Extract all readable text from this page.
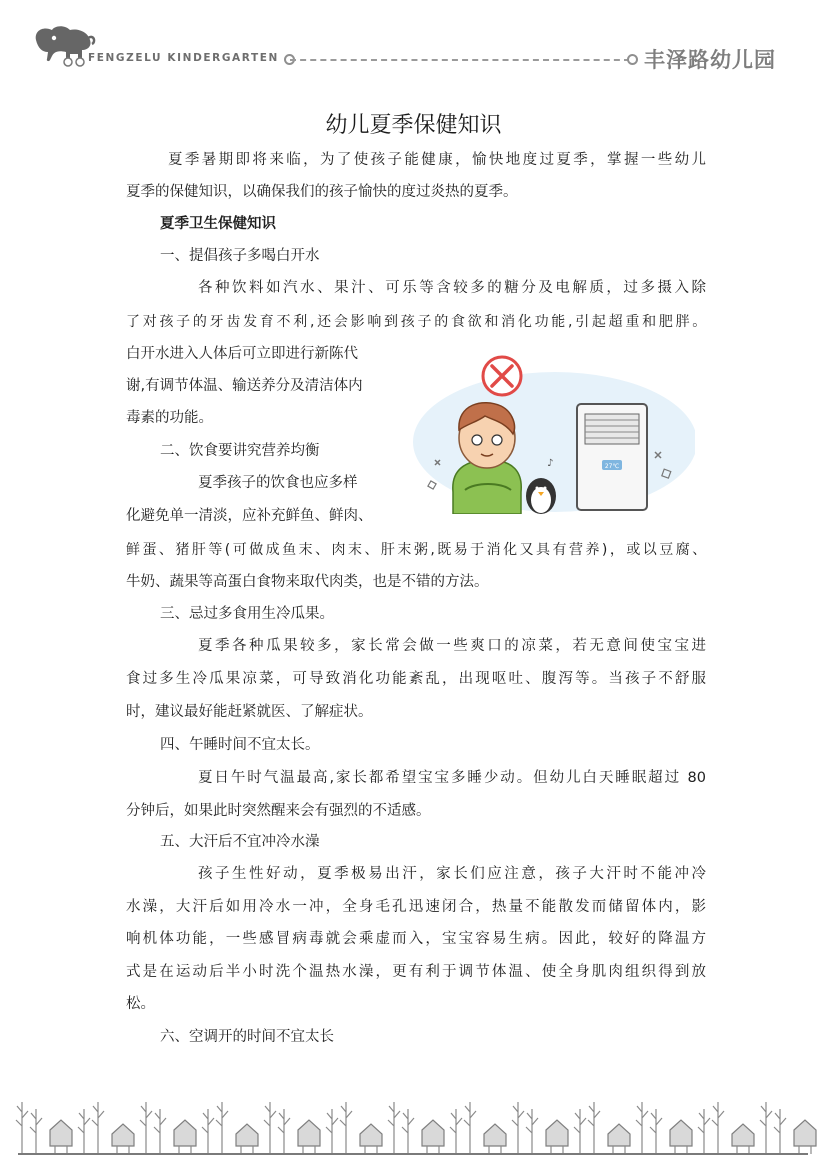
FENGZELU KINDERGARTEN	丰泽路幼儿园
幼儿夏季保健知识
夏季暑期即将来临，为了使孩子能健康，愉快地度过夏季，掌握一些幼儿
夏季的保健知识，以确保我们的孩子愉快的度过炎热的夏季。
夏季卫生保健知识
一、提倡孩子多喝白开水
各种饮料如汽水、果汁、可乐等含较多的糖分及电解质，过多摄入除
了对孩子的牙齿发育不利,还会影响到孩子的食欲和消化功能,引起超重和肥胖。
白开水进入人体后可立即进行新陈代
谢,有调节体温、输送养分及清洁体内
毒素的功能。
二、饮食要讲究营养均衡
夏季孩子的饮食也应多样
化避免单一清淡，应补充鲜鱼、鲜肉、
鲜蛋、猪肝等(可做成鱼末、肉末、肝末粥,既易于消化又具有营养)，或以豆腐、
牛奶、蔬果等高蛋白食物来取代肉类，也是不错的方法。
三、忌过多食用生冷瓜果。
夏季各种瓜果较多，家长常会做一些爽口的凉菜，若无意间使宝宝进
食过多生冷瓜果凉菜，可导致消化功能紊乱，出现呕吐、腹泻等。当孩子不舒服
时，建议最好能赶紧就医、了解症状。
四、午睡时间不宜太长。
夏日午时气温最高,家长都希望宝宝多睡少动。但幼儿白天睡眠超过 80
分钟后，如果此时突然醒来会有强烈的不适感。
五、大汗后不宜冲冷水澡
孩子生性好动，夏季极易出汗，家长们应注意，孩子大汗时不能冲冷
水澡，大汗后如用冷水一冲，全身毛孔迅速闭合，热量不能散发而储留体内，影
响机体功能，一些感冒病毒就会乘虚而入，宝宝容易生病。因此，较好的降温方
式是在运动后半小时洗个温热水澡，更有利于调节体温、使全身肌肉组织得到放
松。
六、空调开的时间不宜太长
27℃
♪
